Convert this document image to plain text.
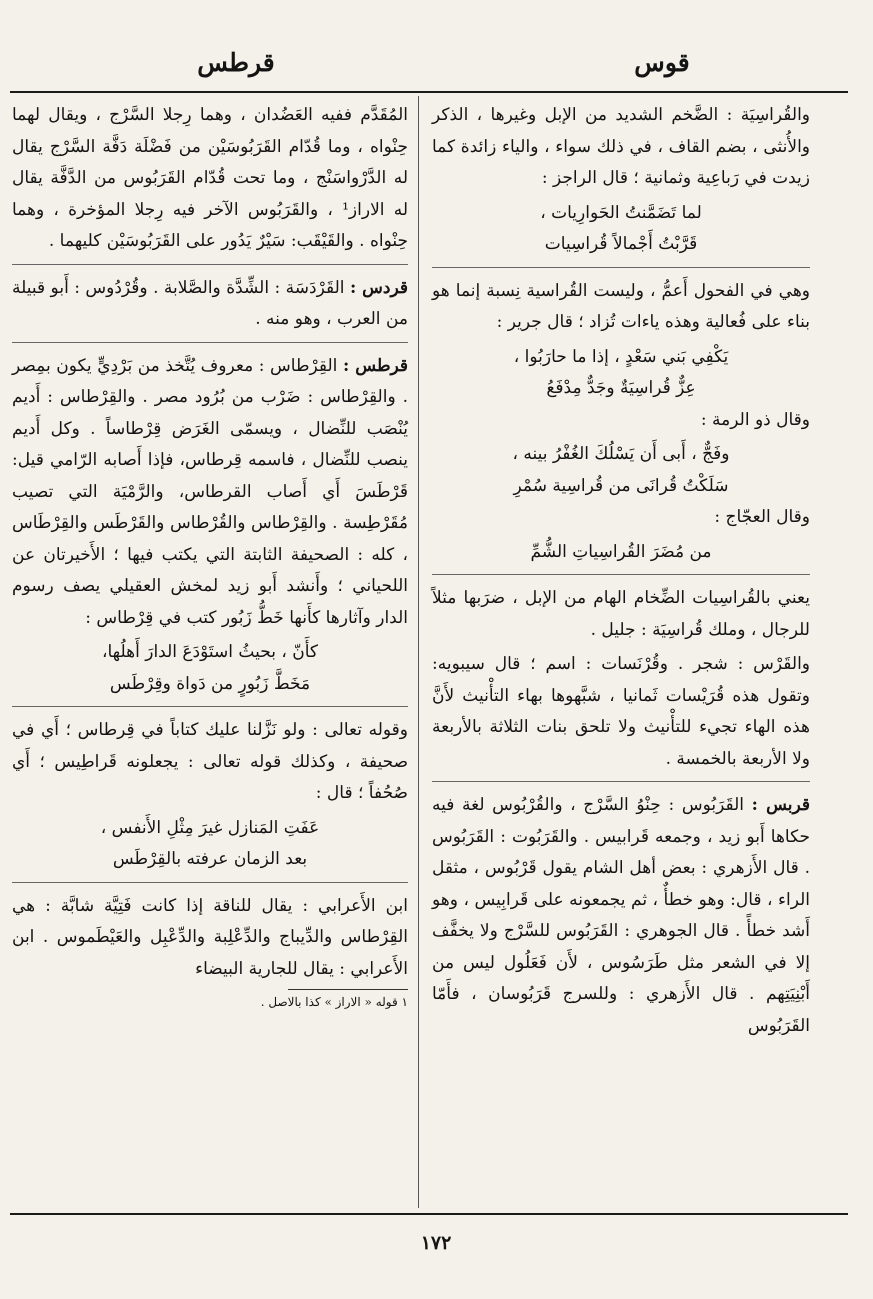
قوس
قرطس

والقُراسِيَة : الضَّخم الشديد من الإبل وغيرها ، الذكر والأُنثى ، بضم القاف ، في ذلك سواء ، والياء زائدة كما زيدت في رَباعِية وثمانية ؛ قال الراجز :

لما تَضَمَّنتُ الحَوارِيات ،

قَرَّبْتُ أَجْمالاً قُراسِيات

وهي في الفحول أَعمُّ ، وليست القُراسية نِسبة إنما هو بناء على فُعالية وهذه ياءات تُزاد ؛ قال جرير :

يَكْفِي بَني سَعْدٍ ، إذا ما حارَبُوا ،

عِزٌّ قُراسِيَةٌ وجَدٌّ مِدْفَعُ

وقال ذو الرمة :

وفَجٌّ ، أَبى أَن يَسْلُكَ الغُفْرُ بينه ،

سَلَكْتُ قُرانَى من قُراسِية سُمْرِ

وقال العجّاج :

من مُضَرَ القُراسِياتِ الشُّمِّ

يعني بالقُراسِيات الضِّخام الهام من الإبل ، ضرَبها مثلاً للرجال ، وملك قُراسِيَة : جليل .

والقَرْس : شجر . وقُرْنَسات : اسم ؛ قال سيبويه: وتقول هذه قُرَيْسات ثَمانيا ، شبَّهوها بهاء التأْنيث لأَنَّ هذه الهاء تجيء للتأْنيث ولا تلحق بنات الثلاثة بالأربعة ولا الأربعة بالخمسة .

قربس : القَرَبُوس : حِنْوُ السَّرْج ، والقُرْبُوس لغة فيه حكاها أَبو زيد ، وجمعه قَرابيس . والقَرَبُوت : القَرَبُوس . قال الأَزهري : بعض أهل الشام يقول قَرْبُوس ، مثقل الراء ، قال: وهو خطأٌ ، ثم يجمعونه على قَرابِيس ، وهو أَشد خطأً . قال الجوهري : القَرَبُوس للسَّرْج ولا يخفَّف إلا في الشعر مثل طَرَسُوس ، لأَن فَعَلُول ليس من أَبْنِيَتِهم . قال الأَزهري : وللسرج قَرَبُوسان ، فأَمّا القَرَبُوس

المُقَدَّم ففيه العَضُدان ، وهما رِجلا السَّرْج ، ويقال لهما حِنْواه ، وما قُدّام القَرَبُوسَيْن من فَضْلَة دَفَّة السَّرْج يقال له الدَّرْواسَنْج ، وما تحت قُدّام القَرَبُوس من الدَّفَّة يقال له الاراز¹ ، والقَرَبُوس الآخر فيه رِجلا المؤخرة ، وهما حِنْواه . والقَيْقَب: سَيْرٌ يَدُور على القَرَبُوسَيْن كليهما .

قردس : القَرْدَسَة : الشِّدَّة والصَّلابة . وقُرْدُوس : أَبو قبيلة من العرب ، وهو منه .

قرطس : القِرْطاس : معروف يُتَّخذ من بَرْدِيٍّ يكون بمِصر . والقِرْطاس : ضَرْب من بُرُود مصر . والقِرْطاس : أَديم يُنْصَب للنِّضال ، ويسمّى الغَرَض قِرْطاساً . وكل أَديم ينصب للنِّضال ، فاسمه قِرطاس، فإذا أَصابه الرّامي قيل: قَرْطَسَ أَي أَصاب القرطاس، والرَّمْيَة التي تصيب مُقَرْطِسة . والقِرْطاس والقُرْطاس والقَرْطَس والقِرْطَاس ، كله : الصحيفة الثابتة التي يكتب فيها ؛ الأَخيرتان عن اللحياني ؛ وأَنشد أَبو زيد لمخش العقيلي يصف رسوم الدار وآثارها كأَنها خَطُّ زَبُور كتب في قِرْطاس :

كأَنّ ، بحيثُ استَوْدَعَ الدارَ أَهلُها،

مَخَطَّ زَبُورٍ من دَواة وقِرْطَس

وقوله تعالى : ولو نَزَّلنا عليك كتاباً في قِرطاس ؛ أَي في صحيفة ، وكذلك قوله تعالى : يجعلونه قَراطِيس ؛ أَي صُحُفاً ؛ قال :

عَفَتِ المَنازل غيرَ مِثْلِ الأَنفس ،

بعد الزمان عرفته بالقِرْطَس

ابن الأَعرابي : يقال للناقة إذا كانت فَتِيَّة شابَّة : هي القِرْطاس والدِّيباج والدِّعْلِبة والدِّعْبِل والعَيْطَموس . ابن الأَعرابي : يقال للجارية البيضاء

١ قوله « الاراز » كذا بالاصل .

١٧٢
